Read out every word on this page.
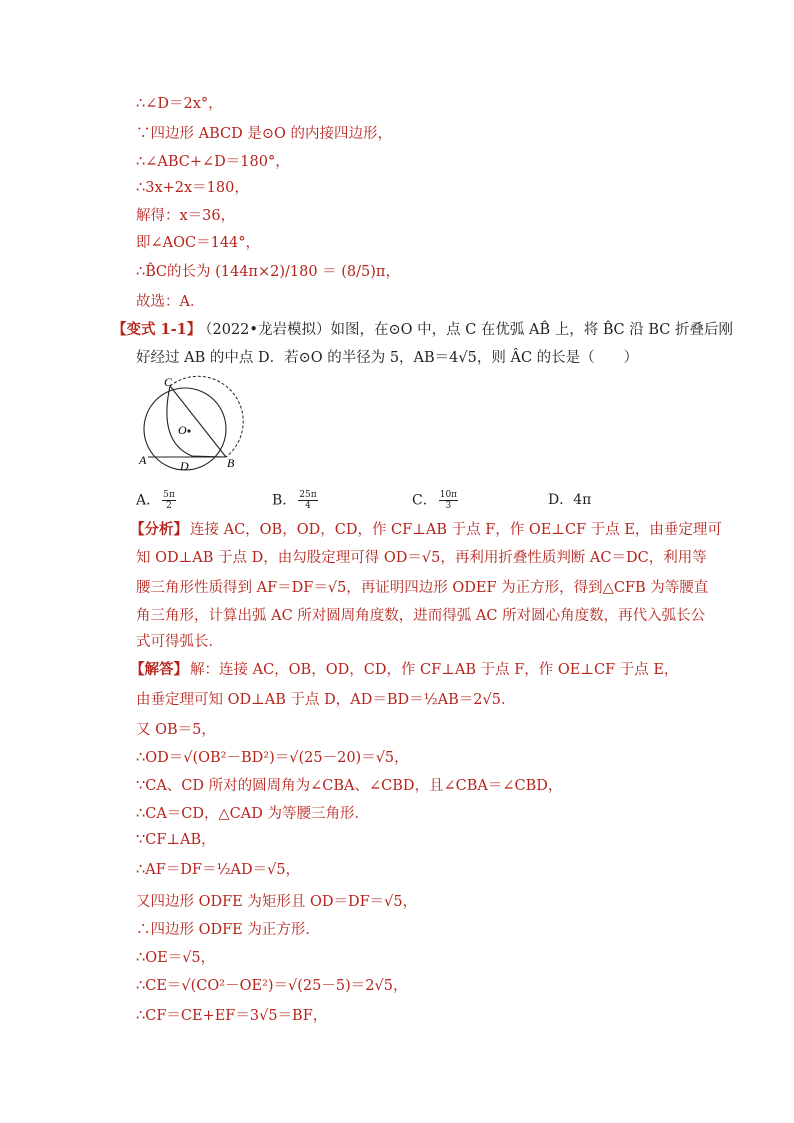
∴∠D＝2x°，
∵四边形 ABCD 是⊙O 的内接四边形，
∴∠ABC+∠D＝180°，
∴3x+2x＝180，
解得：x＝36，
即∠AOC＝144°，
∴B̂C的长为 (144π×2)/180 ＝ (8/5)π，
故选：A．
【变式 1-1】
（2022•龙岩模拟）如图，在⊙O 中，点 C 在优弧 AB̂ 上，将 B̂C 沿 BC 折叠后刚
好经过 AB 的中点 D．若⊙O 的半径为 5，AB＝4√5，则 ÂC 的长是（　　）
C
O
A	D	B
A． $\frac{5\pi}{2}$	B． $\frac{25\pi}{4}$	C． $\frac{10\pi}{3}$	D．4π
【分析】 连接 AC，OB，OD，CD，作 CF⊥AB 于点 F，作 OE⊥CF 于点 E，由垂定理可
知 OD⊥AB 于点 D，由勾股定理可得 OD＝√5，再利用折叠性质判断 AC＝DC，利用等
腰三角形性质得到 AF＝DF＝√5，再证明四边形 ODEF 为正方形，得到△CFB 为等腰直
角三角形，计算出弧 AC 所对圆周角度数，进而得弧 AC 所对圆心角度数，再代入弧长公
式可得弧长．
【解答】 解：连接 AC，OB，OD，CD，作 CF⊥AB 于点 F，作 OE⊥CF 于点 E，
由垂定理可知 OD⊥AB 于点 D，AD＝BD＝½AB＝2√5．
又 OB＝5，
∴OD＝√(OB²－BD²)＝√(25－20)＝√5，
∵CA、CD 所对的圆周角为∠CBA、∠CBD，且∠CBA＝∠CBD，
∴CA＝CD，△CAD 为等腰三角形．
∵CF⊥AB，
∴AF＝DF＝½AD＝√5，
又四边形 ODFE 为矩形且 OD＝DF＝√5，
∴四边形 ODFE 为正方形．
∴OE＝√5，
∴CE＝√(CO²－OE²)＝√(25－5)＝2√5，
∴CF＝CE+EF＝3√5＝BF，
